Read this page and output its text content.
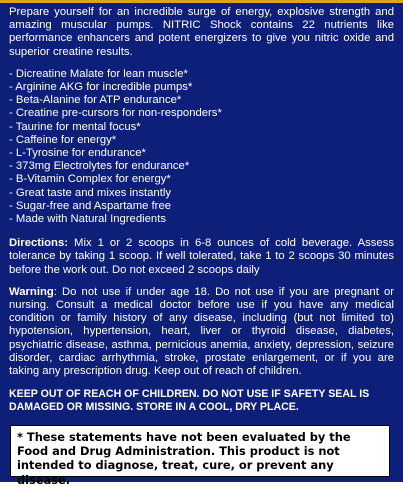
Prepare yourself for an incredible surge of energy, explosive strength and amazing muscular pumps. NITRIC Shock contains 22 nutrients like performance enhancers and potent energizers to give you nitric oxide and superior creatine results.

- Dicreatine Malate for lean muscle*
- Arginine AKG for incredible pumps*
- Beta-Alanine for ATP endurance*
- Creatine pre-cursors for non-responders*
- Taurine for mental focus*
- Caffeine for energy*
- L-Tyrosine for endurance*
- 373mg Electrolytes for endurance*
- B-Vitamin Complex for energy*
- Great taste and mixes instantly
- Sugar-free and Aspartame free
- Made with Natural Ingredients

Directions: Mix 1 or 2 scoops in 6-8 ounces of cold beverage. Assess tolerance by taking 1 scoop. If well tolerated, take 1 to 2 scoops 30 minutes before the work out. Do not exceed 2 scoops daily

Warning: Do not use if under age 18. Do not use if you are pregnant or nursing. Consult a medical doctor before use if you have any medical condition or family history of any disease, including (but not limited to) hypotension, hypertension, heart, liver or thyroid disease, diabetes, psychiatric disease, asthma, pernicious anemia, anxiety, depression, seizure disorder, cardiac arrhythmia, stroke, prostate enlargement, or if you are taking any prescription drug. Keep out of reach of children.

KEEP OUT OF REACH OF CHILDREN. DO NOT USE IF SAFETY SEAL IS DAMAGED OR MISSING. STORE IN A COOL, DRY PLACE.

* These statements have not been evaluated by the Food and Drug Administration. This product is not intended to diagnose, treat, cure, or prevent any disease.
